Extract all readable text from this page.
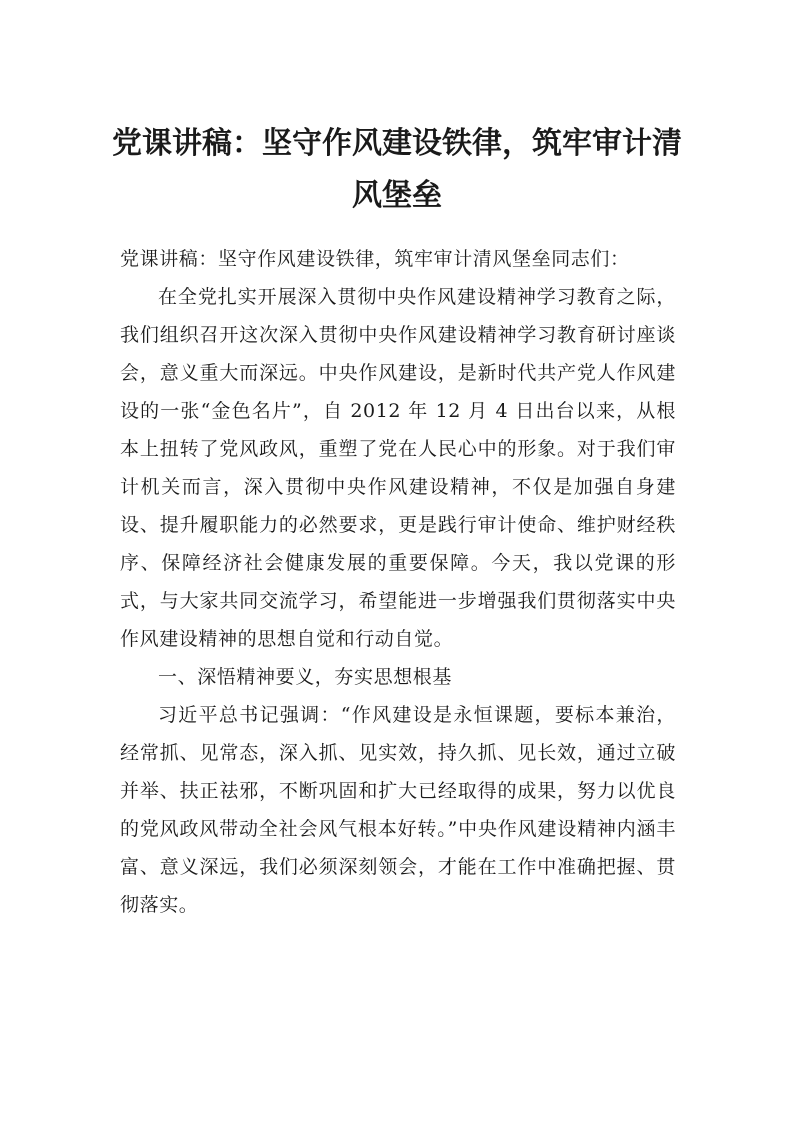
党课讲稿：坚守作风建设铁律，筑牢审计清风堡垒

党课讲稿：坚守作风建设铁律，筑牢审计清风堡垒同志们：

在全党扎实开展深入贯彻中央作风建设精神学习教育之际，我们组织召开这次深入贯彻中央作风建设精神学习教育研讨座谈会，意义重大而深远。中央作风建设，是新时代共产党人作风建设的一张“金色名片”，自 2012 年 12 月 4 日出台以来，从根本上扭转了党风政风，重塑了党在人民心中的形象。对于我们审计机关而言，深入贯彻中央作风建设精神，不仅是加强自身建设、提升履职能力的必然要求，更是践行审计使命、维护财经秩序、保障经济社会健康发展的重要保障。今天，我以党课的形式，与大家共同交流学习，希望能进一步增强我们贯彻落实中央作风建设精神的思想自觉和行动自觉。

一、深悟精神要义，夯实思想根基

习近平总书记强调：“作风建设是永恒课题，要标本兼治，经常抓、见常态，深入抓、见实效，持久抓、见长效，通过立破并举、扶正祛邪，不断巩固和扩大已经取得的成果，努力以优良的党风政风带动全社会风气根本好转。”中央作风建设精神内涵丰富、意义深远，我们必须深刻领会，才能在工作中准确把握、贯彻落实。
